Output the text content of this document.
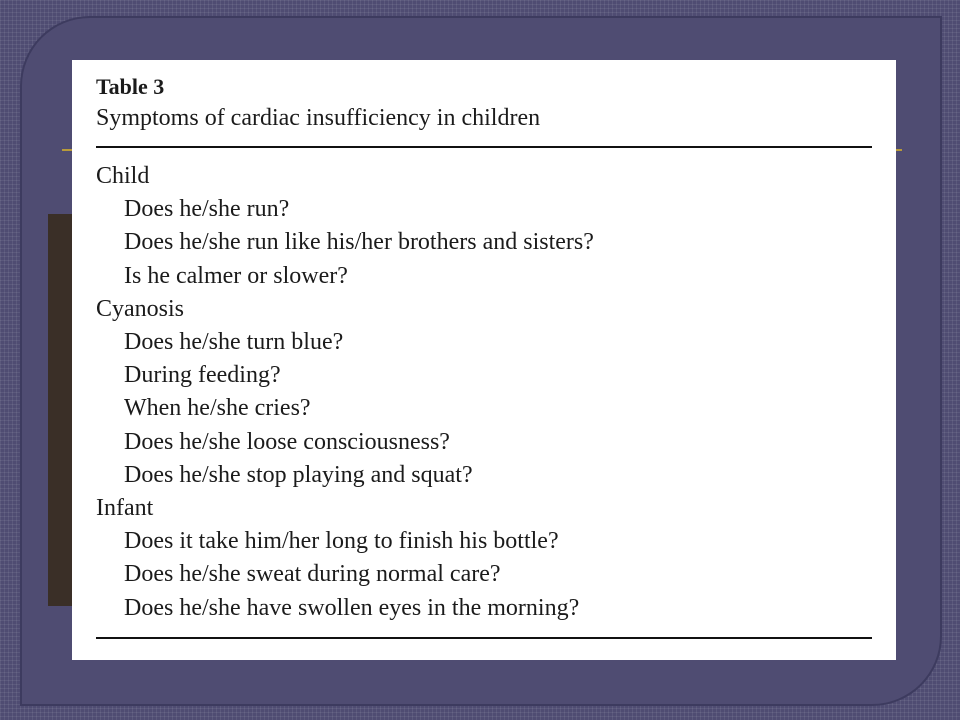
Table 3
Symptoms of cardiac insufficiency in children
Child
Does he/she run?
Does he/she run like his/her brothers and sisters?
Is he calmer or slower?
Cyanosis
Does he/she turn blue?
During feeding?
When he/she cries?
Does he/she loose consciousness?
Does he/she stop playing and squat?
Infant
Does it take him/her long to finish his bottle?
Does he/she sweat during normal care?
Does he/she have swollen eyes in the morning?
